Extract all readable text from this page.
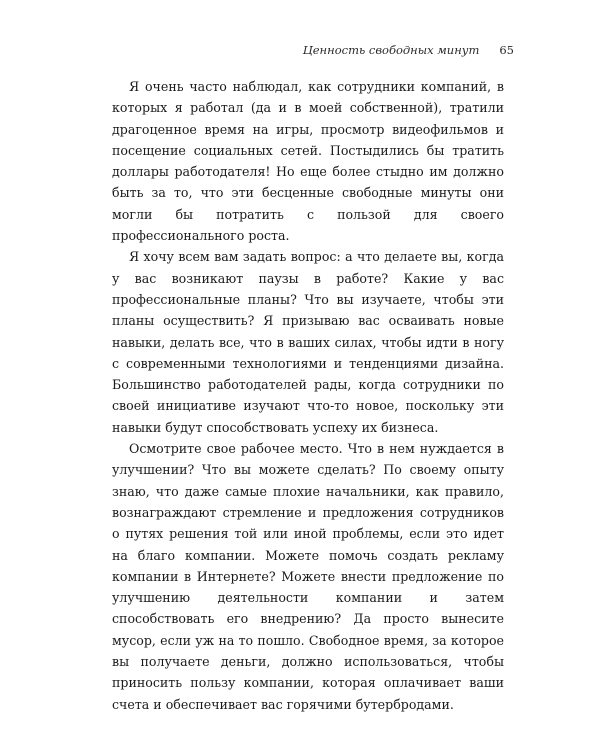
Ценность свободных минут 65

Я очень часто наблюдал, как сотрудники компаний, в которых я работал (да и в моей собственной), тратили драгоценное время на игры, просмотр видеофильмов и посещение социальных сетей. Постыдились бы тратить доллары работодателя! Но еще более стыдно им должно быть за то, что эти бесценные свободные минуты они могли бы потратить с пользой для своего профессионального роста.

Я хочу всем вам задать вопрос: а что делаете вы, когда у вас возникают паузы в работе? Какие у вас профессиональные планы? Что вы изучаете, чтобы эти планы осуществить? Я призываю вас осваивать новые навыки, делать все, что в ваших силах, чтобы идти в ногу с современными технологиями и тенденциями дизайна. Большинство работодателей рады, когда сотрудники по своей инициативе изучают что-то новое, поскольку эти навыки будут способствовать успеху их бизнеса.

Осмотрите свое рабочее место. Что в нем нуждается в улучшении? Что вы можете сделать? По своему опыту знаю, что даже самые плохие начальники, как правило, вознаграждают стремление и предложения сотрудников о путях решения той или иной проблемы, если это идет на благо компании. Можете помочь создать рекламу компании в Интернете? Можете внести предложение по улучшению деятельности компании и затем способствовать его внедрению? Да просто вынесите мусор, если уж на то пошло. Свободное время, за которое вы получаете деньги, должно использоваться, чтобы приносить пользу компании, которая оплачивает ваши счета и обеспечивает вас горячими бутербродами.
